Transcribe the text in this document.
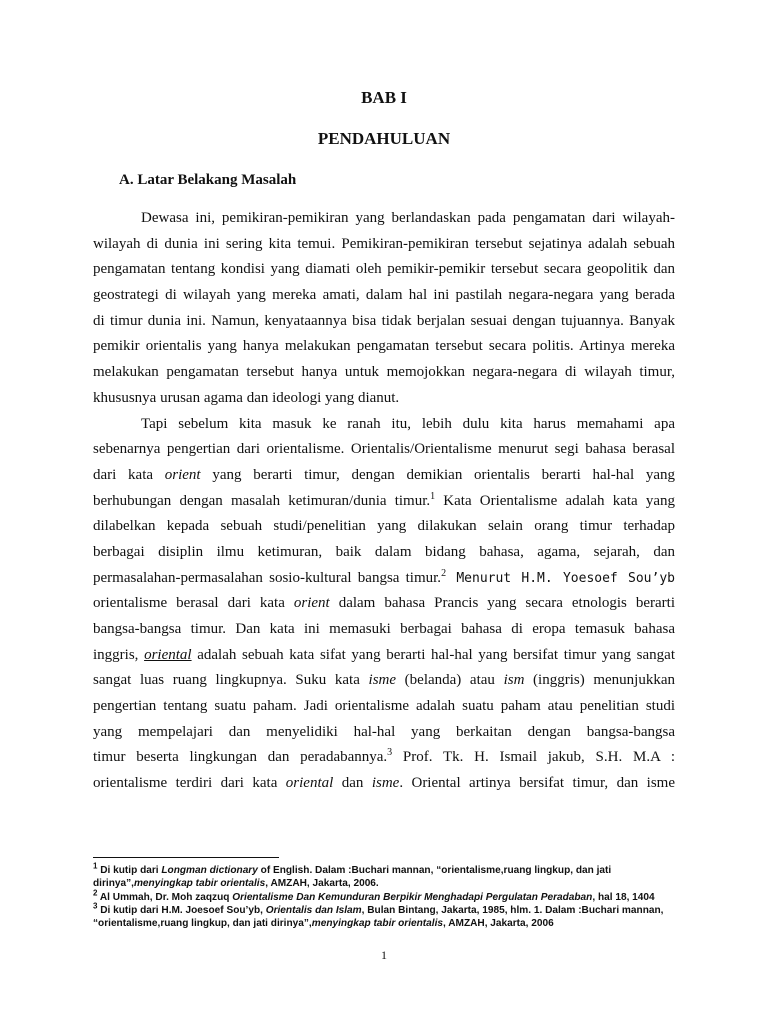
BAB I
PENDAHULUAN
A. Latar Belakang Masalah
Dewasa ini, pemikiran-pemikiran yang berlandaskan pada pengamatan dari wilayah-
wilayah di dunia ini sering kita temui. Pemikiran-pemikiran tersebut sejatinya adalah sebuah
pengamatan tentang kondisi yang diamati oleh pemikir-pemikir tersebut secara geopolitik dan
geostrategi di wilayah yang mereka amati, dalam hal ini pastilah negara-negara yang berada
di timur dunia ini. Namun, kenyataannya bisa tidak berjalan sesuai dengan tujuannya. Banyak
pemikir orientalis yang hanya melakukan pengamatan tersebut secara politis. Artinya mereka
melakukan pengamatan tersebut hanya untuk memojokkan negara-negara di wilayah timur,
khususnya urusan agama dan ideologi yang dianut.
Tapi sebelum kita masuk ke ranah itu, lebih dulu kita harus memahami apa
sebenarnya pengertian dari orientalisme. Orientalis/Orientalisme menurut segi bahasa berasal
dari kata orient yang berarti timur, dengan demikian orientalis berarti hal-hal yang
berhubungan dengan masalah ketimuran/dunia timur.$^1$ Kata Orientalisme adalah kata yang
dilabelkan kepada sebuah studi/penelitian yang dilakukan selain orang timur terhadap
berbagai disiplin ilmu ketimuran, baik dalam bidang bahasa, agama, sejarah, dan
permasalahan-permasalahan sosio-kultural bangsa timur.$^2$ Menurut H.M. Yoesoef Sou’yb
orientalisme berasal dari kata orient dalam bahasa Prancis yang secara etnologis berarti
bangsa-bangsa timur. Dan kata ini memasuki berbagai bahasa di eropa temasuk bahasa
inggris, oriental adalah sebuah kata sifat yang berarti hal-hal yang bersifat timur yang sangat
sangat luas ruang lingkupnya. Suku kata isme (belanda) atau ism (inggris) menunjukkan
pengertian tentang suatu paham. Jadi orientalisme adalah suatu paham atau penelitian studi
yang mempelajari dan menyelidiki hal-hal yang berkaitan dengan bangsa-bangsa
timur beserta lingkungan dan peradabannya.$^3$ Prof. Tk. H. Ismail jakub, S.H. M.A :
orientalisme terdiri dari kata oriental dan isme. Oriental artinya bersifat timur, dan isme
$^1$ Di kutip dari Longman dictionary of English. Dalam :Buchari mannan, “orientalisme,ruang lingkup, dan jati
dirinya”,menyingkap tabir orientalis, AMZAH, Jakarta, 2006.
$^2$ Al Ummah, Dr. Moh zaqzuq Orientalisme Dan Kemunduran Berpikir Menghadapi Pergulatan Peradaban, hal 18, 1404
$^3$ Di kutip dari H.M. Joesoef Sou’yb, Orientalis dan Islam, Bulan Bintang, Jakarta, 1985, hlm. 1. Dalam :Buchari mannan,
“orientalisme,ruang lingkup, dan jati dirinya”,menyingkap tabir orientalis, AMZAH, Jakarta, 2006
1
